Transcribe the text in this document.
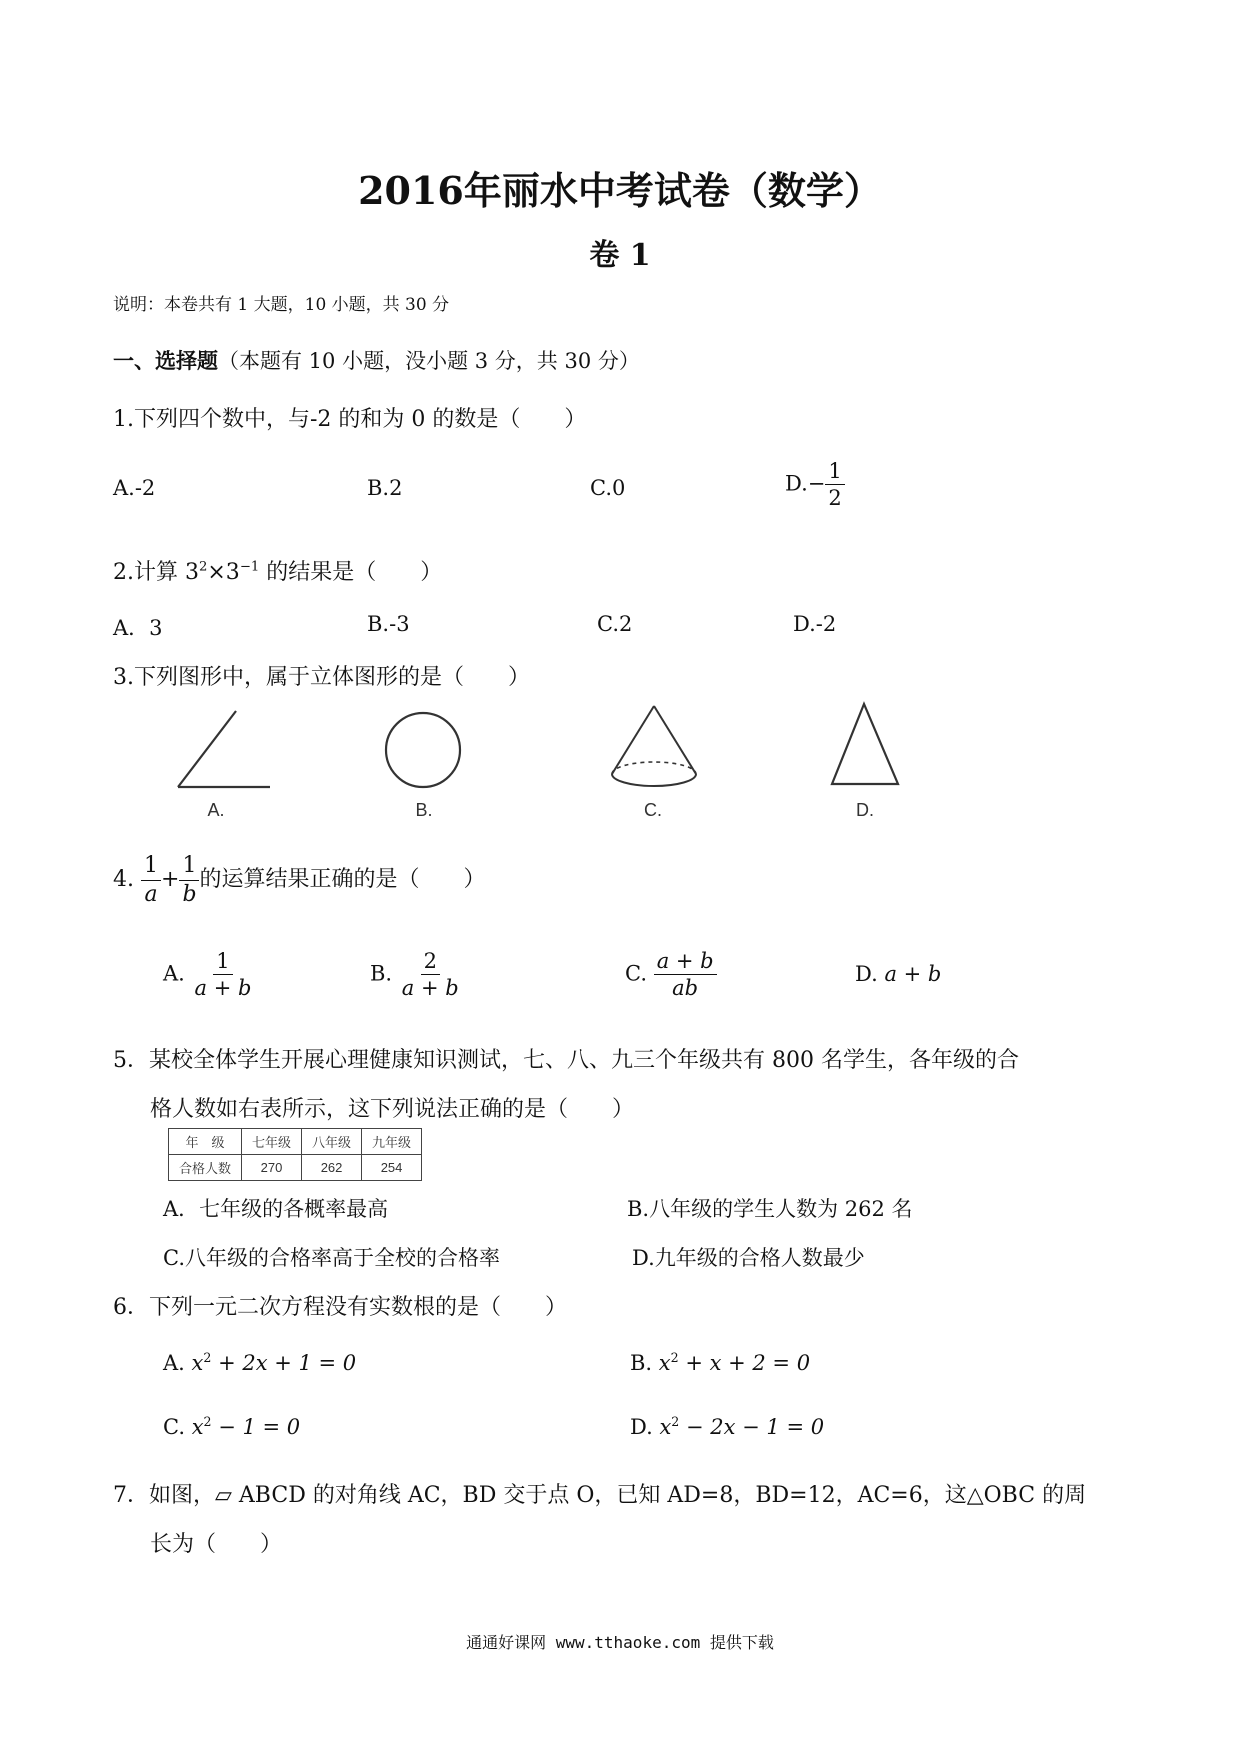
2016年丽水中考试卷（数学）
卷 1
说明：本卷共有 1 大题，10 小题，共 30 分
一、选择题（本题有 10 小题，没小题 3 分，共 30 分）
1.下列四个数中，与-2 的和为 0 的数是（　　）
A.-2	B.2	C.0	$D.- \frac{1}{2}$
2.计算 $3^2\times 3^{-1}$ 的结果是（　　）
A．3	B.-3	C.2	D.-2
3.下列图形中，属于立体图形的是（　　）
A.	B.	C.	D.
4. $\frac{1}{a} + \frac{1}{b}$ 的运算结果正确的是（　　）
A. $\frac{1}{a + b}$	B. $\frac{2}{a + b}$	C. $\frac{a + b}{ab}$	D. a + b
5．某校全体学生开展心理健康知识测试，七、八、九三个年级共有 800 名学生，各年级的合
格人数如右表所示，这下列说法正确的是（　　）
年　级	七年级	八年级	九年级
合格人数	270	262	254
A．七年级的各概率最高	B.八年级的学生人数为 262 名
C.八年级的合格率高于全校的合格率	D.九年级的合格人数最少
6．下列一元二次方程没有实数根的是（　　）
A. $x^2 + 2x + 1 = 0$	B. $x^2 + x + 2 = 0$
C. $x^2 - 1 = 0$	D. $x^2 - 2x - 1 = 0$
7．如图，▱ ABCD 的对角线 AC，BD 交于点 O，已知 AD=8，BD=12，AC=6，这△OBC 的周
长为（　　）
通通好课网 www.tthaoke.com 提供下载
